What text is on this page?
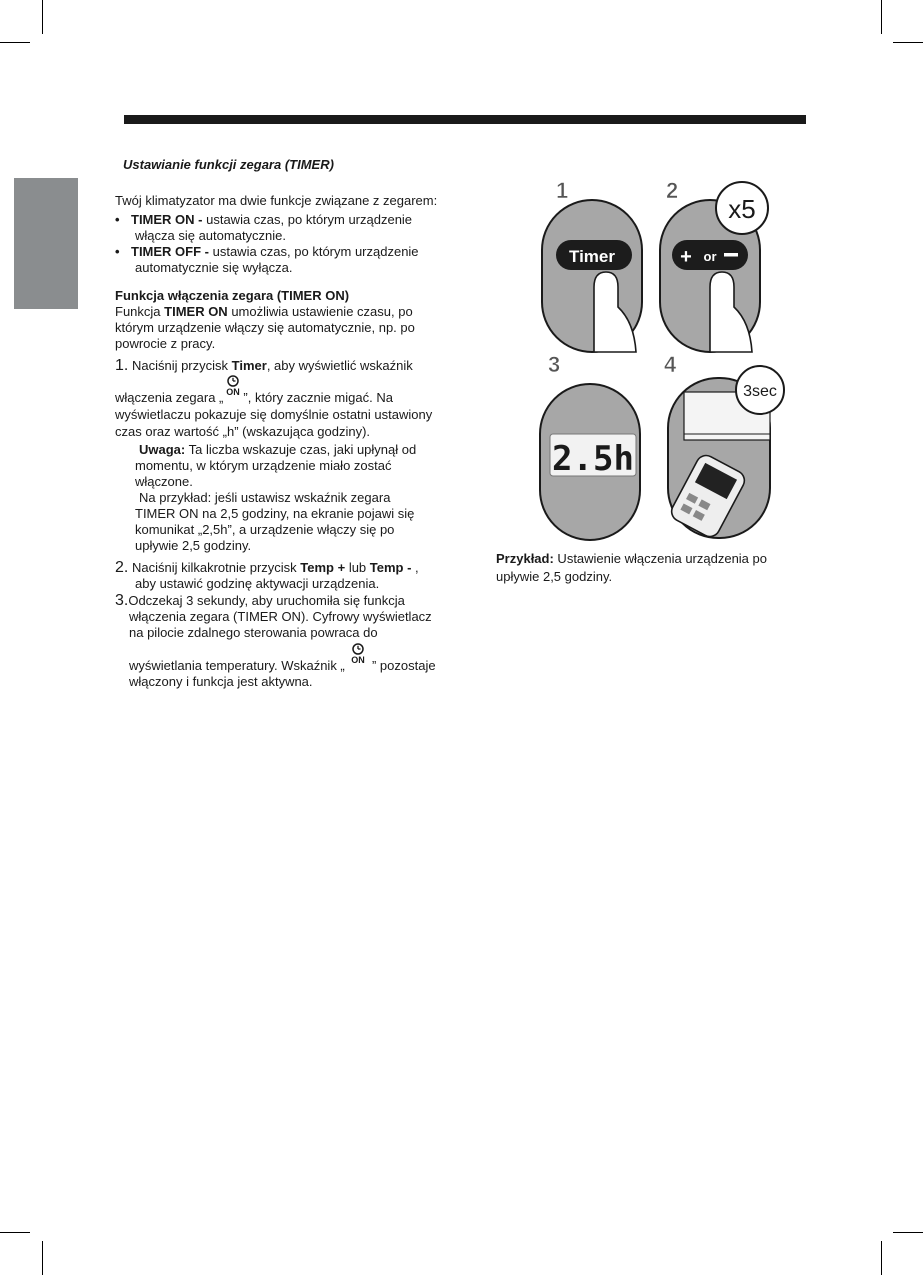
Ustawianie funkcji zegara (TIMER)
Twój klimatyzator ma dwie funkcje związane z zegarem:
• TIMER ON - ustawia czas, po którym urządzenie
włącza się automatycznie.
• TIMER OFF - ustawia czas, po którym urządzenie
automatycznie się wyłącza.
Funkcja włączenia zegara (TIMER ON)
Funkcja TIMER ON umożliwia ustawienie czasu, po
którym urządzenie włączy się automatycznie, np. po
powrocie z pracy.
1. Naciśnij przycisk Timer, aby wyświetlić wskaźnik
włączenia zegara „ ON ”, który zacznie migać. Na
wyświetlaczu pokazuje się domyślnie ostatni ustawiony
czas oraz wartość „h” (wskazująca godziny).
Uwaga: Ta liczba wskazuje czas, jaki upłynął od
momentu, w którym urządzenie miało zostać
włączone.
Na przykład: jeśli ustawisz wskaźnik zegara
TIMER ON na 2,5 godziny, na ekranie pojawi się
komunikat „2,5h”, a urządzenie włączy się po
upływie 2,5 godziny.
2. Naciśnij kilkakrotnie przycisk Temp + lub Temp - ,
aby ustawić godzinę aktywacji urządzenia.
3.Odczekaj 3 sekundy, aby uruchomiła się funkcja
włączenia zegara (TIMER ON). Cyfrowy wyświetlacz
na pilocie zdalnego sterowania powraca do
wyświetlania temperatury. Wskaźnik „ ON ” pozostaje
włączony i funkcja jest aktywna.
1
Timer
2
+ or
x5
3
2.5h
4
3sec
Przykład: Ustawienie włączenia urządzenia po
upływie 2,5 godziny.
